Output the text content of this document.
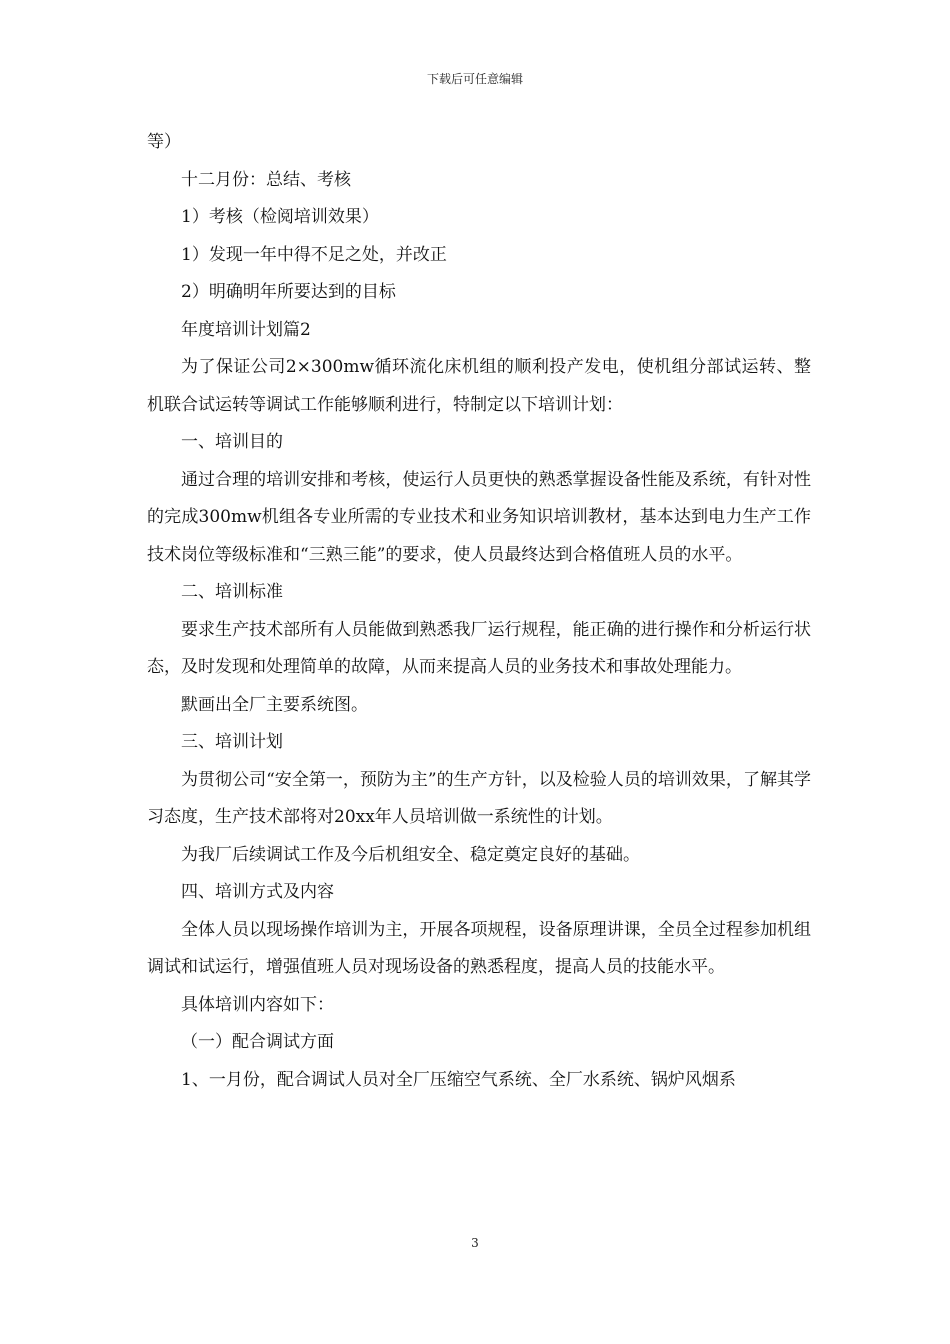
下载后可任意编辑

等）

十二月份：总结、考核

1）考核（检阅培训效果）

1）发现一年中得不足之处，并改正

2）明确明年所要达到的目标

年度培训计划篇2

为了保证公司2×300mw循环流化床机组的顺利投产发电，使机组分部试运转、整机联合试运转等调试工作能够顺利进行，特制定以下培训计划：

一、培训目的

通过合理的培训安排和考核，使运行人员更快的熟悉掌握设备性能及系统，有针对性的完成300mw机组各专业所需的专业技术和业务知识培训教材，基本达到电力生产工作技术岗位等级标准和“三熟三能”的要求，使人员最终达到合格值班人员的水平。

二、培训标准

要求生产技术部所有人员能做到熟悉我厂运行规程，能正确的进行操作和分析运行状态，及时发现和处理简单的故障，从而来提高人员的业务技术和事故处理能力。

默画出全厂主要系统图。

三、培训计划

为贯彻公司“安全第一，预防为主”的生产方针，以及检验人员的培训效果，了解其学习态度，生产技术部将对20xx年人员培训做一系统性的计划。

为我厂后续调试工作及今后机组安全、稳定奠定良好的基础。

四、培训方式及内容

全体人员以现场操作培训为主，开展各项规程，设备原理讲课，全员全过程参加机组调试和试运行，增强值班人员对现场设备的熟悉程度，提高人员的技能水平。

具体培训内容如下：

（一）配合调试方面

1、一月份，配合调试人员对全厂压缩空气系统、全厂水系统、锅炉风烟系

3
